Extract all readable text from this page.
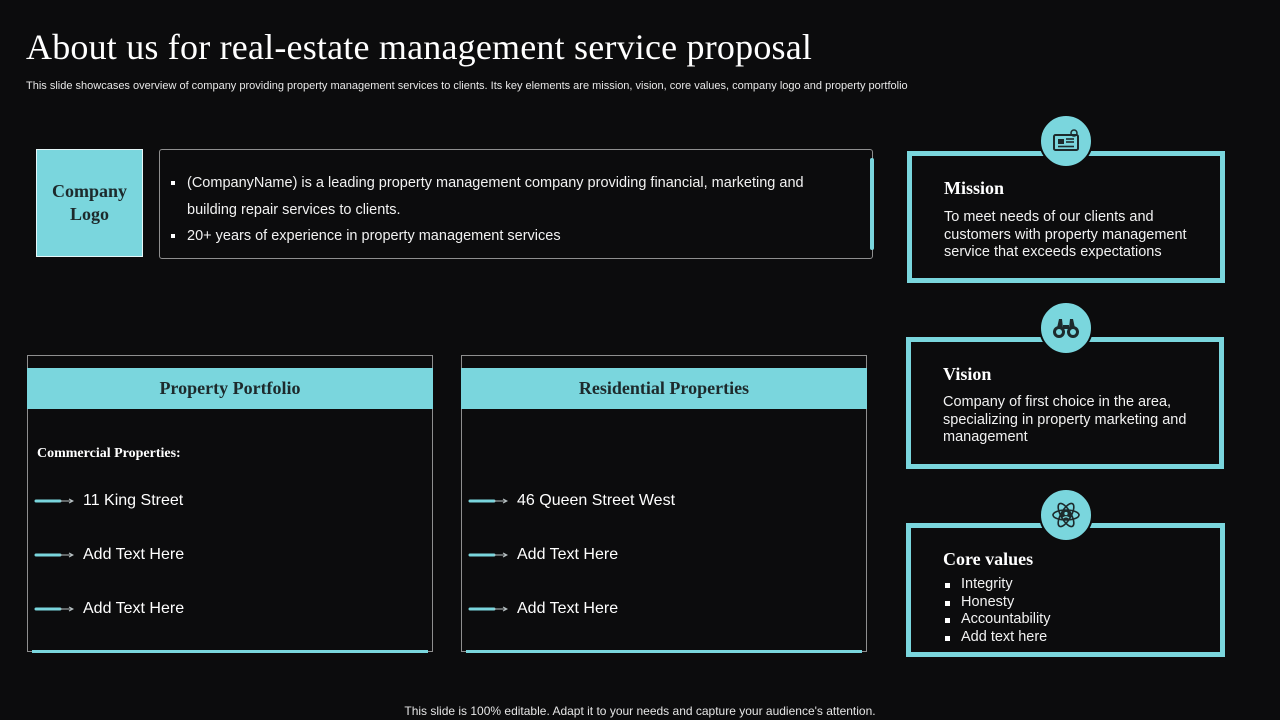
About us for real-estate management service proposal
This slide showcases overview of company providing property management services to clients. Its key elements are mission, vision, core values, company logo and property portfolio
Company
Logo
(CompanyName) is a leading property management company providing financial, marketing and building repair services to clients.
20+ years of experience in property management services
Mission

To meet needs of our clients and customers with property management service that exceeds expectations

Vision

Company of first choice in the area, specializing in property marketing and management

Core values
Integrity
Honesty
Accountability
Add text here
Property Portfolio
Commercial Properties:
11 King Street
Add Text Here
Add Text Here
Residential Properties
46 Queen Street West
Add Text Here
Add Text Here
This slide is 100% editable. Adapt it to your needs and capture your audience's attention.
